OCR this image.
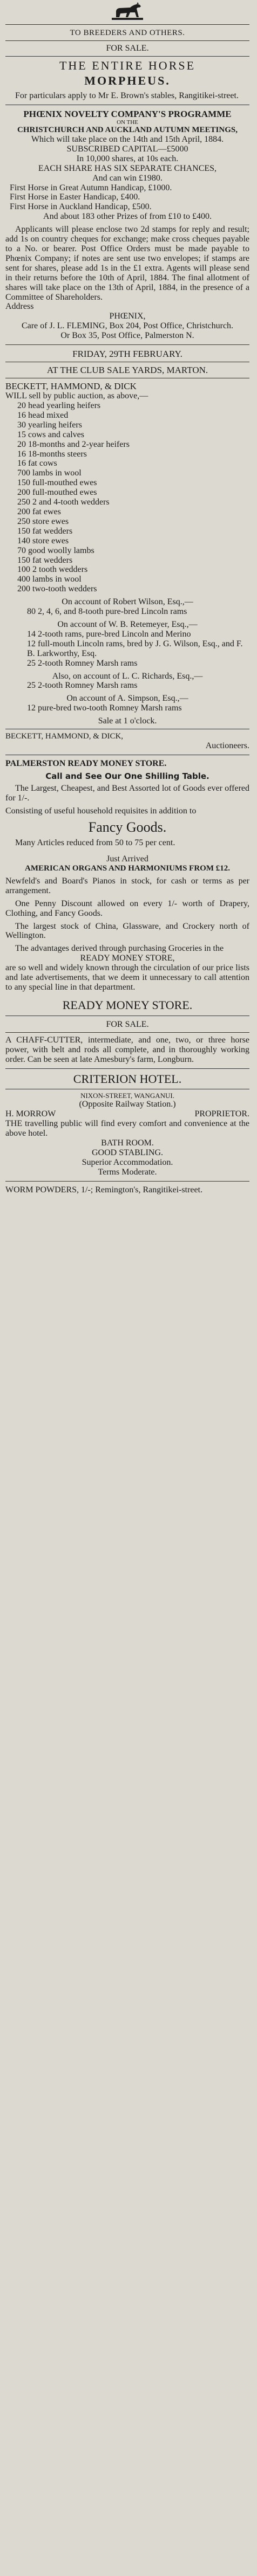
TO BREEDERS AND OTHERS.

FOR SALE.

THE ENTIRE HORSE

MORPHEUS.

For particulars apply to Mr E. Brown's stables, Rangitikei-street.

PHŒNIX NOVELTY COMPANY'S PROGRAMME

ON THE

CHRISTCHURCH AND AUCKLAND AUTUMN MEETINGS,

Which will take place on the 14th and 15th April, 1884.

SUBSCRIBED CAPITAL—£5000

In 10,000 shares, at 10s each.

EACH SHARE HAS SIX SEPARATE CHANCES,

And can win £1980.

First Horse in Great Autumn Handicap, £1000.

First Horse in Easter Handicap, £400.

First Horse in Auckland Handicap, £500.

And about 183 other Prizes of from £10 to £400.

Applicants will please enclose two 2d stamps for reply and result; add 1s on country cheques for exchange; make cross cheques payable to a No. or bearer. Post Office Orders must be made payable to Phœnix Company; if notes are sent use two envelopes; if stamps are sent for shares, please add 1s in the £1 extra. Agents will please send in their returns before the 10th of April, 1884. The final allotment of shares will take place on the 13th of April, 1884, in the presence of a Committee of Shareholders.

Address

PHŒNIX,

Care of J. L. FLEMING, Box 204, Post Office, Christchurch.

Or Box 35, Post Office, Palmerston N.

FRIDAY, 29TH FEBRUARY.

AT THE CLUB SALE YARDS, MARTON.

BECKETT, HAMMOND, & DICK

WILL sell by public auction, as above,—

20 head yearling heifers

16 head mixed

30 yearling heifers

15 cows and calves

20 18-months and 2-year heifers

16 18-months steers

16 fat cows

700 lambs in wool

150 full-mouthed ewes

200 full-mouthed ewes

250 2 and 4-tooth wedders

200 fat ewes

250 store ewes

150 fat wedders

140 store ewes

70 good woolly lambs

150 fat wedders

100 2 tooth wedders

400 lambs in wool

200 two-tooth wedders

On account of Robert Wilson, Esq.,—

80 2, 4, 6, and 8-tooth pure-bred Lincoln rams

On account of W. B. Retemeyer, Esq.,—

14 2-tooth rams, pure-bred Lincoln and Merino

12 full-mouth Lincoln rams, bred by J. G. Wilson, Esq., and F. B. Larkworthy, Esq.

25 2-tooth Romney Marsh rams

Also, on account of L. C. Richards, Esq.,—

25 2-tooth Romney Marsh rams

On account of A. Simpson, Esq.,—

12 pure-bred two-tooth Romney Marsh rams

Sale at 1 o'clock.

BECKETT, HAMMOND, & DICK,

Auctioneers.

PALMERSTON READY MONEY STORE.

Call and See Our One Shilling Table.

The Largest, Cheapest, and Best Assorted lot of Goods ever offered for 1/-.

Consisting of useful household requisites in addition to

Fancy Goods.

Many Articles reduced from 50 to 75 per cent.

Just Arrived

AMERICAN ORGANS AND HARMONIUMS FROM £12.

Newfeld's and Board's Pianos in stock, for cash or terms as per arrangement.

One Penny Discount allowed on every 1/- worth of Drapery, Clothing, and Fancy Goods.

The largest stock of China, Glassware, and Crockery north of Wellington.

The advantages derived through purchasing Groceries in the

READY MONEY STORE,

are so well and widely known through the circulation of our price lists and late advertisements, that we deem it unnecessary to call attention to any special line in that department.

READY MONEY STORE.

FOR SALE.

A CHAFF-CUTTER, intermediate, and one, two, or three horse power, with belt and rods all complete, and in thoroughly working order. Can be seen at late Amesbury's farm, Longburn.

CRITERION HOTEL.

NIXON-STREET, WANGANUI.

(Opposite Railway Station.)

H. MORROW	PROPRIETOR.

THE travelling public will find every comfort and convenience at the above hotel.

BATH ROOM.

GOOD STABLING.

Superior Accommodation.

Terms Moderate.

WORM POWDERS, 1/-; Remington's, Rangitikei-street.
